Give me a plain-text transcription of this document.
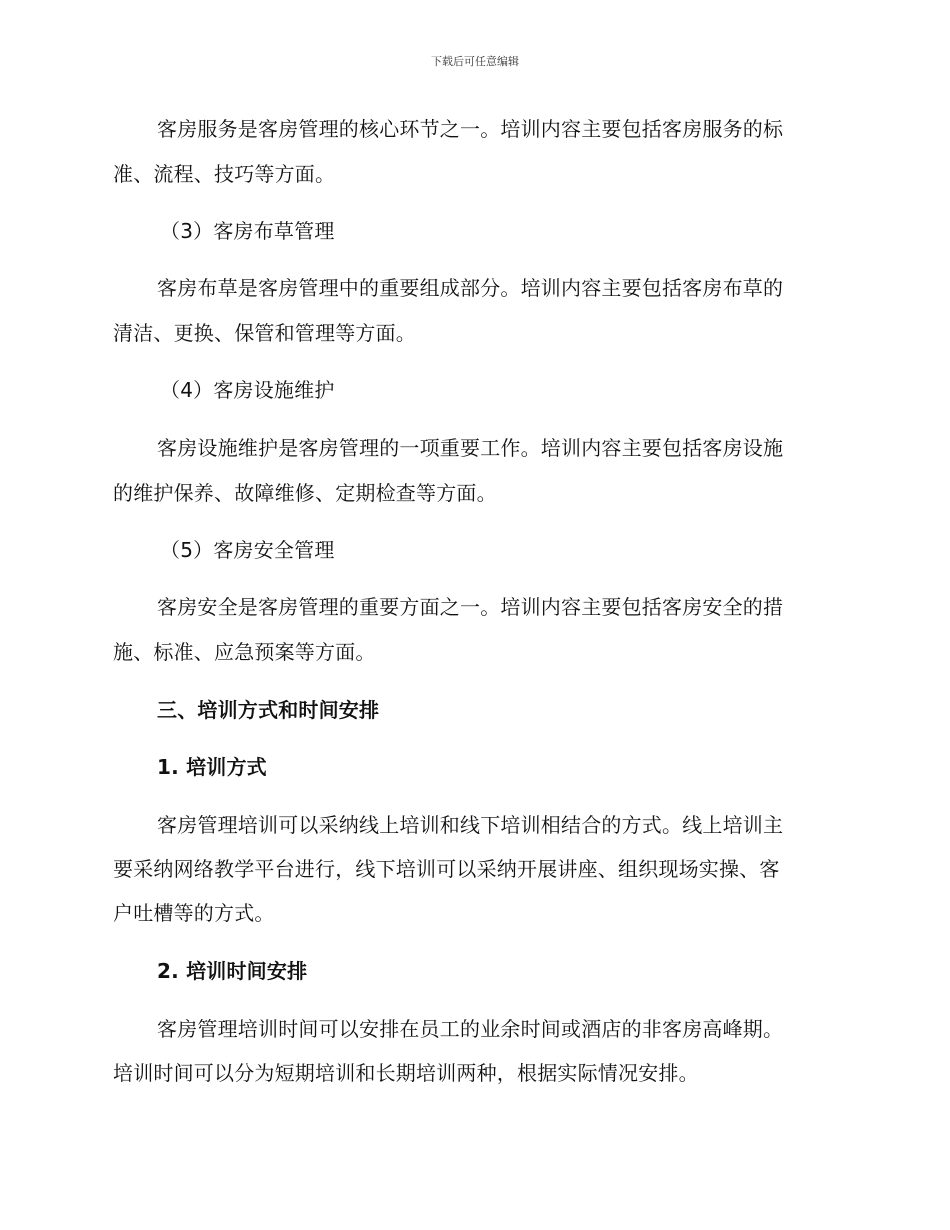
下载后可任意编辑
客房服务是客房管理的核心环节之一。培训内容主要包括客房服务的标
准、流程、技巧等方面。
（3）客房布草管理
客房布草是客房管理中的重要组成部分。培训内容主要包括客房布草的
清洁、更换、保管和管理等方面。
（4）客房设施维护
客房设施维护是客房管理的一项重要工作。培训内容主要包括客房设施
的维护保养、故障维修、定期检查等方面。
（5）客房安全管理
客房安全是客房管理的重要方面之一。培训内容主要包括客房安全的措
施、标准、应急预案等方面。
三、培训方式和时间安排
1. 培训方式
客房管理培训可以采纳线上培训和线下培训相结合的方式。线上培训主
要采纳网络教学平台进行，线下培训可以采纳开展讲座、组织现场实操、客
户吐槽等的方式。
2. 培训时间安排
客房管理培训时间可以安排在员工的业余时间或酒店的非客房高峰期。
培训时间可以分为短期培训和长期培训两种，根据实际情况安排。
